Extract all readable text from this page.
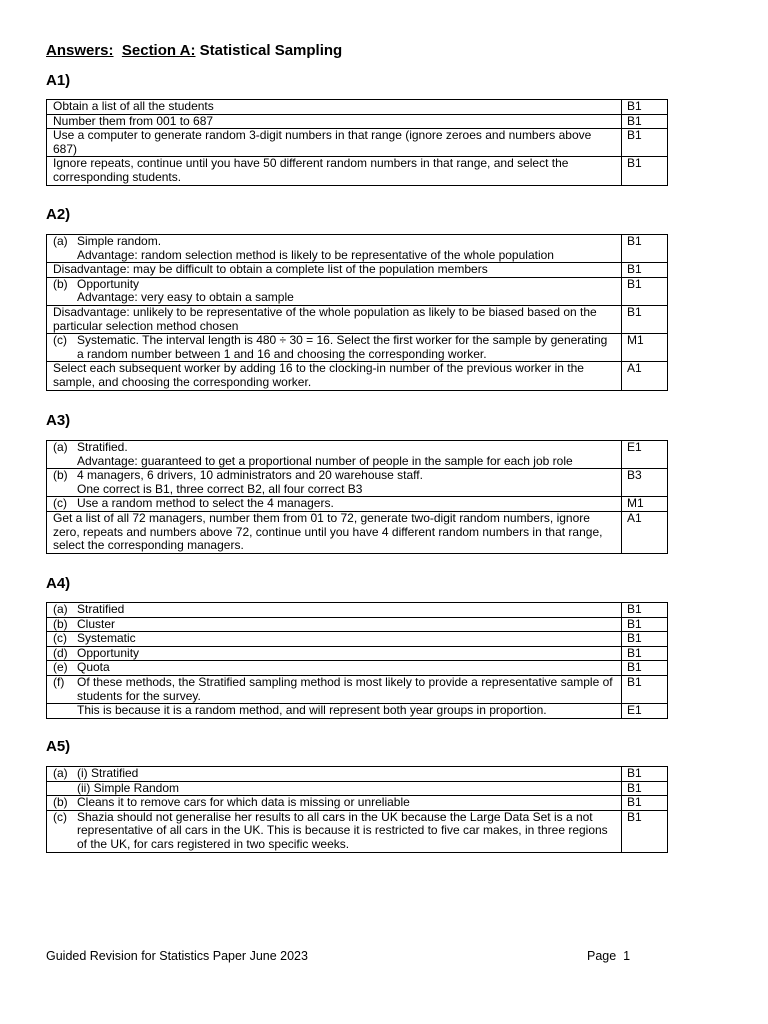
Answers: Section A: Statistical Sampling
A1)
Obtain a list of all the students	B1

Number them from 001 to 687	B1

Use a computer to generate random 3-digit numbers in that range (ignore zeroes and numbers above 687)	B1

Ignore repeats, continue until you have 50 different random numbers in that range, and select the corresponding students.	B1
A2)
(a) Simple random.
Advantage: random selection method is likely to be representative of the whole population	B1

Disadvantage: may be difficult to obtain a complete list of the population members	B1

(b) Opportunity
Advantage: very easy to obtain a sample	B1

Disadvantage: unlikely to be representative of the whole population as likely to be biased based on the particular selection method chosen	B1

(c) Systematic. The interval length is 480 ÷ 30 = 16. Select the first worker for the sample by generating a random number between 1 and 16 and choosing the corresponding worker.	M1

Select each subsequent worker by adding 16 to the clocking-in number of the previous worker in the sample, and choosing the corresponding worker.	A1
A3)
(a) Stratified.
Advantage: guaranteed to get a proportional number of people in the sample for each job role	E1

(b) 4 managers, 6 drivers, 10 administrators and 20 warehouse staff.
One correct is B1, three correct B2, all four correct B3	B3

(c) Use a random method to select the 4 managers.	M1

Get a list of all 72 managers, number them from 01 to 72, generate two-digit random numbers, ignore zero, repeats and numbers above 72, continue until you have 4 different random numbers in that range, select the corresponding managers.	A1
A4)
(a) Stratified	B1

(b) Cluster	B1

(c) Systematic	B1

(d) Opportunity	B1

(e) Quota	B1

(f) Of these methods, the Stratified sampling method is most likely to provide a representative sample of students for the survey.	B1

This is because it is a random method, and will represent both year groups in proportion.	E1
A5)
(a) (i) Stratified	B1

(ii) Simple Random	B1

(b) Cleans it to remove cars for which data is missing or unreliable	B1

(c) Shazia should not generalise her results to all cars in the UK because the Large Data Set is a not representative of all cars in the UK. This is because it is restricted to five car makes, in three regions of the UK, for cars registered in two specific weeks.	B1
Guided Revision for Statistics Paper June 2023	Page 1
